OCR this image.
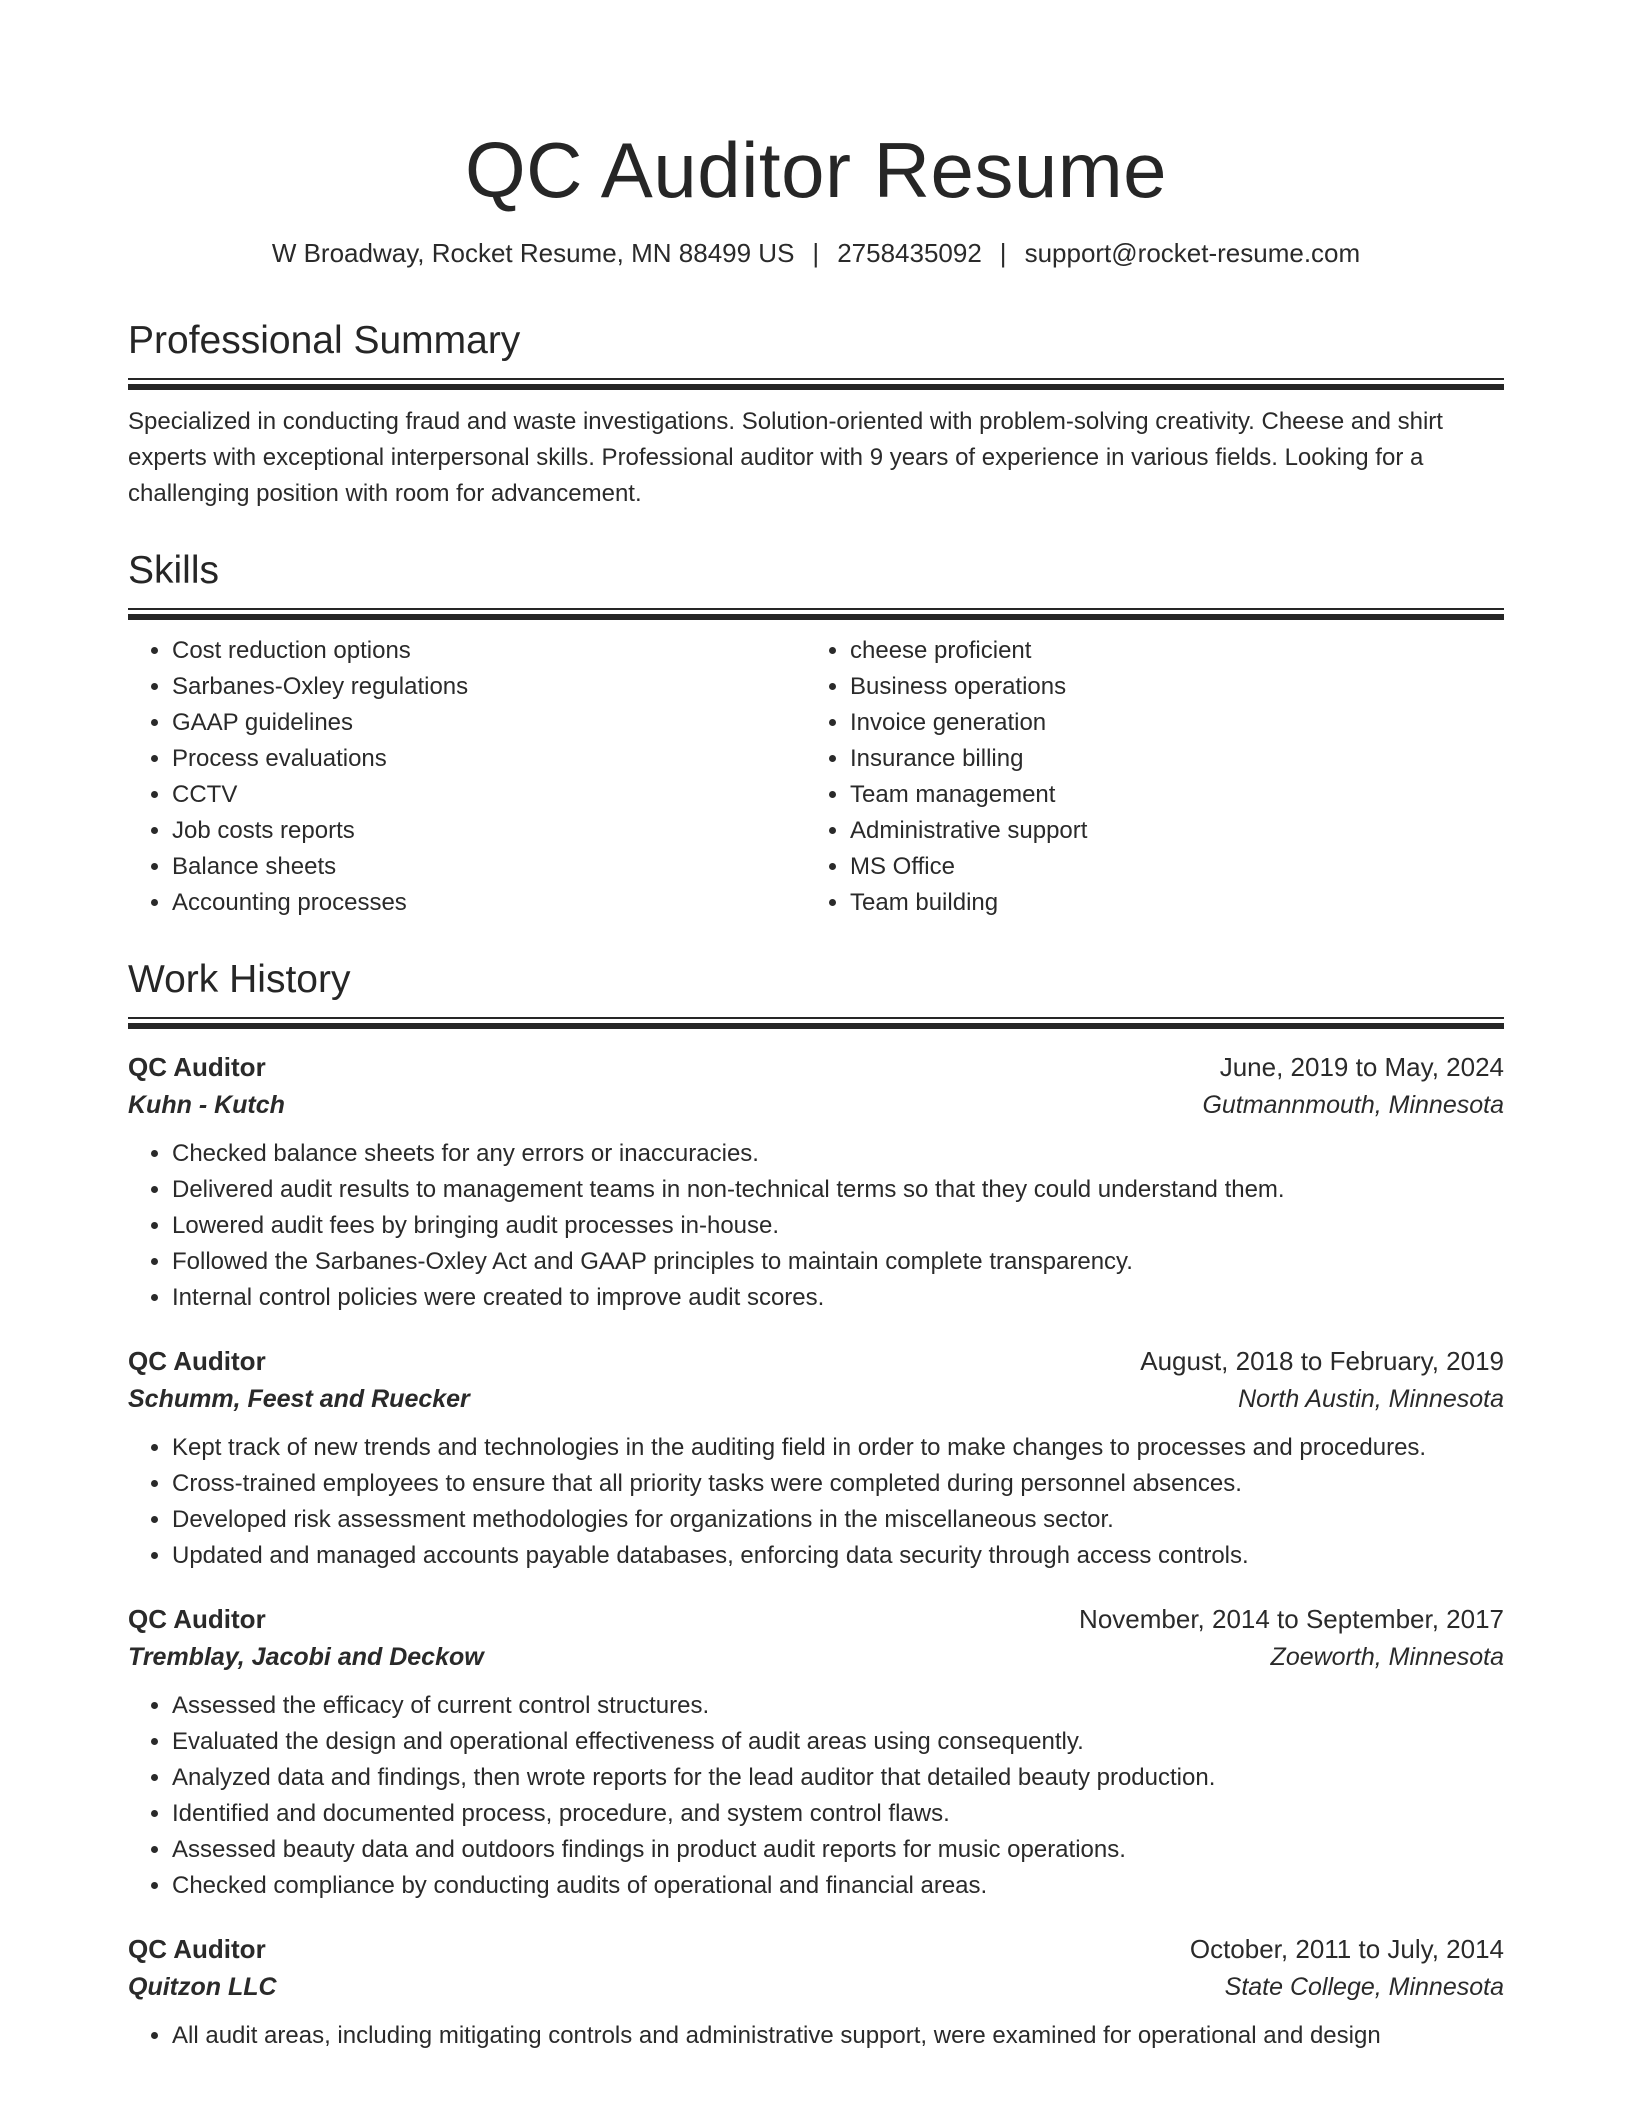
QC Auditor Resume
W Broadway, Rocket Resume, MN 88499 US | 2758435092 | support@rocket-resume.com
Professional Summary

Specialized in conducting fraud and waste investigations. Solution-oriented with problem-solving creativity. Cheese and shirt experts with exceptional interpersonal skills. Professional auditor with 9 years of experience in various fields. Looking for a challenging position with room for advancement.

Skills
• Cost reduction options
• Sarbanes-Oxley regulations
• GAAP guidelines
• Process evaluations
• CCTV
• Job costs reports
• Balance sheets
• Accounting processes
• cheese proficient
• Business operations
• Invoice generation
• Insurance billing
• Team management
• Administrative support
• MS Office
• Team building
Work History
QC Auditor	June, 2019 to May, 2024
Kuhn - Kutch	Gutmannmouth, Minnesota
• Checked balance sheets for any errors or inaccuracies.
• Delivered audit results to management teams in non-technical terms so that they could understand them.
• Lowered audit fees by bringing audit processes in-house.
• Followed the Sarbanes-Oxley Act and GAAP principles to maintain complete transparency.
• Internal control policies were created to improve audit scores.
QC Auditor	August, 2018 to February, 2019
Schumm, Feest and Ruecker	North Austin, Minnesota
• Kept track of new trends and technologies in the auditing field in order to make changes to processes and procedures.
• Cross-trained employees to ensure that all priority tasks were completed during personnel absences.
• Developed risk assessment methodologies for organizations in the miscellaneous sector.
• Updated and managed accounts payable databases, enforcing data security through access controls.
QC Auditor	November, 2014 to September, 2017
Tremblay, Jacobi and Deckow	Zoeworth, Minnesota
• Assessed the efficacy of current control structures.
• Evaluated the design and operational effectiveness of audit areas using consequently.
• Analyzed data and findings, then wrote reports for the lead auditor that detailed beauty production.
• Identified and documented process, procedure, and system control flaws.
• Assessed beauty data and outdoors findings in product audit reports for music operations.
• Checked compliance by conducting audits of operational and financial areas.
QC Auditor	October, 2011 to July, 2014
Quitzon LLC	State College, Minnesota
• All audit areas, including mitigating controls and administrative support, were examined for operational and design
